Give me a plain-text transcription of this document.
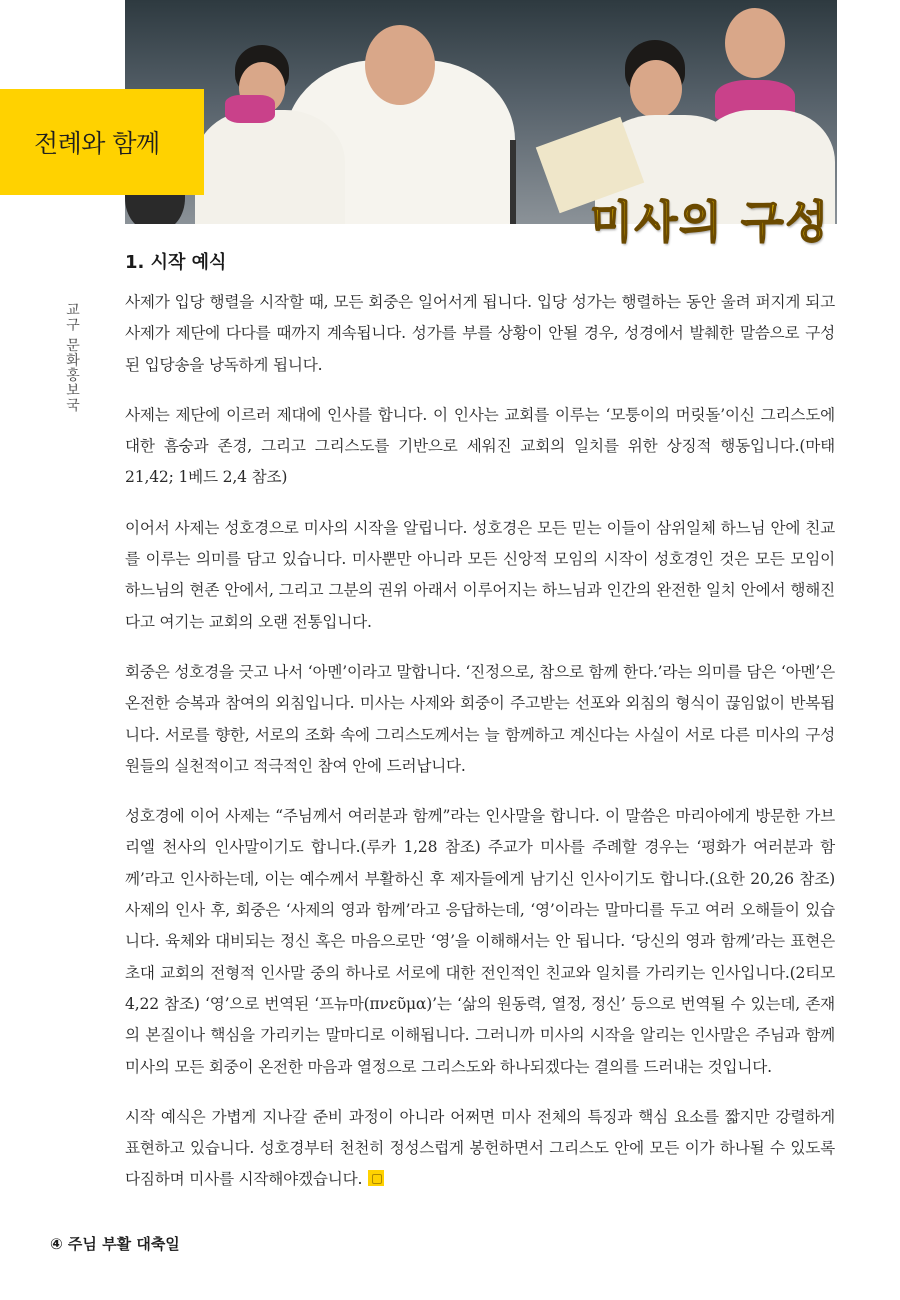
전례와 함께
미사의 구성
교구 문화홍보국
1. 시작 예식

사제가 입당 행렬을 시작할 때, 모든 회중은 일어서게 됩니다. 입당 성가는 행렬하는 동안 울려 퍼지게 되고 사제가 제단에 다다를 때까지 계속됩니다. 성가를 부를 상황이 안될 경우, 성경에서 발췌한 말씀으로 구성된 입당송을 낭독하게 됩니다.

사제는 제단에 이르러 제대에 인사를 합니다. 이 인사는 교회를 이루는 ‘모퉁이의 머릿돌’이신 그리스도에 대한 흠숭과 존경, 그리고 그리스도를 기반으로 세워진 교회의 일치를 위한 상징적 행동입니다.(마태 21,42; 1베드 2,4 참조)

이어서 사제는 성호경으로 미사의 시작을 알립니다. 성호경은 모든 믿는 이들이 삼위일체 하느님 안에 친교를 이루는 의미를 담고 있습니다. 미사뿐만 아니라 모든 신앙적 모임의 시작이 성호경인 것은 모든 모임이 하느님의 현존 안에서, 그리고 그분의 권위 아래서 이루어지는 하느님과 인간의 완전한 일치 안에서 행해진다고 여기는 교회의 오랜 전통입니다.

회중은 성호경을 긋고 나서 ‘아멘’이라고 말합니다. ‘진정으로, 참으로 함께 한다.’라는 의미를 담은 ‘아멘’은 온전한 승복과 참여의 외침입니다. 미사는 사제와 회중이 주고받는 선포와 외침의 형식이 끊임없이 반복됩니다. 서로를 향한, 서로의 조화 속에 그리스도께서는 늘 함께하고 계신다는 사실이 서로 다른 미사의 구성원들의 실천적이고 적극적인 참여 안에 드러납니다.

성호경에 이어 사제는 “주님께서 여러분과 함께”라는 인사말을 합니다. 이 말씀은 마리아에게 방문한 가브리엘 천사의 인사말이기도 합니다.(루카 1,28 참조) 주교가 미사를 주례할 경우는 ‘평화가 여러분과 함께’라고 인사하는데, 이는 예수께서 부활하신 후 제자들에게 남기신 인사이기도 합니다.(요한 20,26 참조) 사제의 인사 후, 회중은 ‘사제의 영과 함께’라고 응답하는데, ‘영’이라는 말마디를 두고 여러 오해들이 있습니다. 육체와 대비되는 정신 혹은 마음으로만 ‘영’을 이해해서는 안 됩니다. ‘당신의 영과 함께’라는 표현은 초대 교회의 전형적 인사말 중의 하나로 서로에 대한 전인적인 친교와 일치를 가리키는 인사입니다.(2티모 4,22 참조) ‘영’으로 번역된 ‘프뉴마(πνεῦμα)’는 ‘삶의 원동력, 열정, 정신’ 등으로 번역될 수 있는데, 존재의 본질이나 핵심을 가리키는 말마디로 이해됩니다. 그러니까 미사의 시작을 알리는 인사말은 주님과 함께 미사의 모든 회중이 온전한 마음과 열정으로 그리스도와 하나되겠다는 결의를 드러내는 것입니다.

시작 예식은 가볍게 지나갈 준비 과정이 아니라 어쩌면 미사 전체의 특징과 핵심 요소를 짧지만 강렬하게 표현하고 있습니다. 성호경부터 천천히 정성스럽게 봉헌하면서 그리스도 안에 모든 이가 하나될 수 있도록 다짐하며 미사를 시작해야겠습니다.

④ 주님 부활 대축일
